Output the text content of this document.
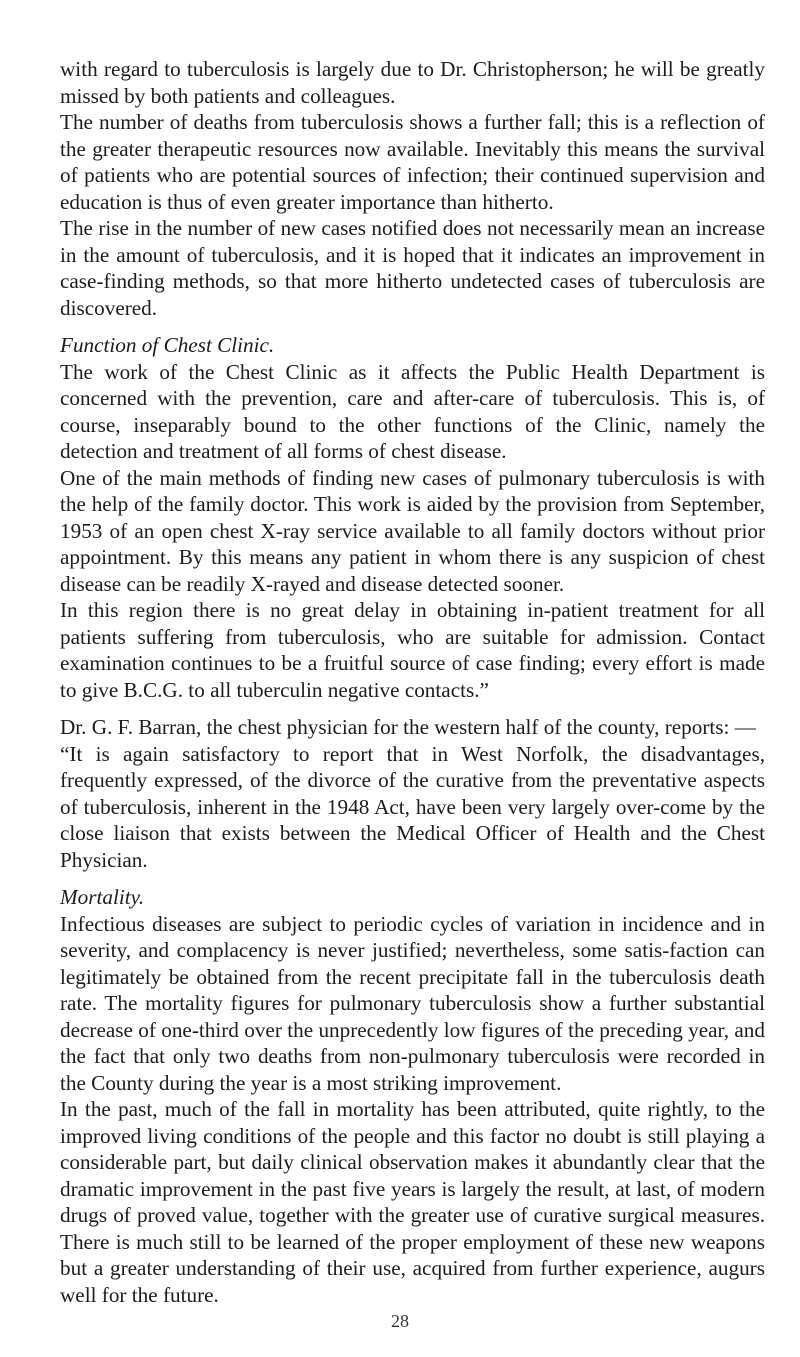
with regard to tuberculosis is largely due to Dr. Christopherson; he will be greatly missed by both patients and colleagues.

The number of deaths from tuberculosis shows a further fall; this is a reflection of the greater therapeutic resources now available. Inevitably this means the survival of patients who are potential sources of infection; their continued supervision and education is thus of even greater importance than hitherto.

The rise in the number of new cases notified does not necessarily mean an increase in the amount of tuberculosis, and it is hoped that it indicates an improvement in case-finding methods, so that more hitherto undetected cases of tuberculosis are discovered.

Function of Chest Clinic.

The work of the Chest Clinic as it affects the Public Health Department is concerned with the prevention, care and after-care of tuberculosis. This is, of course, inseparably bound to the other functions of the Clinic, namely the detection and treatment of all forms of chest disease.

One of the main methods of finding new cases of pulmonary tuberculosis is with the help of the family doctor. This work is aided by the provision from September, 1953 of an open chest X-ray service available to all family doctors without prior appointment. By this means any patient in whom there is any suspicion of chest disease can be readily X-rayed and disease detected sooner.

In this region there is no great delay in obtaining in-patient treatment for all patients suffering from tuberculosis, who are suitable for admission. Contact examination continues to be a fruitful source of case finding; every effort is made to give B.C.G. to all tuberculin negative contacts.”

Dr. G. F. Barran, the chest physician for the western half of the county, reports: —

“It is again satisfactory to report that in West Norfolk, the disadvantages, frequently expressed, of the divorce of the curative from the preventative aspects of tuberculosis, inherent in the 1948 Act, have been very largely over-come by the close liaison that exists between the Medical Officer of Health and the Chest Physician.

Mortality.

Infectious diseases are subject to periodic cycles of variation in incidence and in severity, and complacency is never justified; nevertheless, some satis-faction can legitimately be obtained from the recent precipitate fall in the tuberculosis death rate. The mortality figures for pulmonary tuberculosis show a further substantial decrease of one-third over the unprecedently low figures of the preceding year, and the fact that only two deaths from non-pulmonary tuberculosis were recorded in the County during the year is a most striking improvement.

In the past, much of the fall in mortality has been attributed, quite rightly, to the improved living conditions of the people and this factor no doubt is still playing a considerable part, but daily clinical observation makes it abundantly clear that the dramatic improvement in the past five years is largely the result, at last, of modern drugs of proved value, together with the greater use of curative surgical measures. There is much still to be learned of the proper employment of these new weapons but a greater understanding of their use, acquired from further experience, augurs well for the future.

28
